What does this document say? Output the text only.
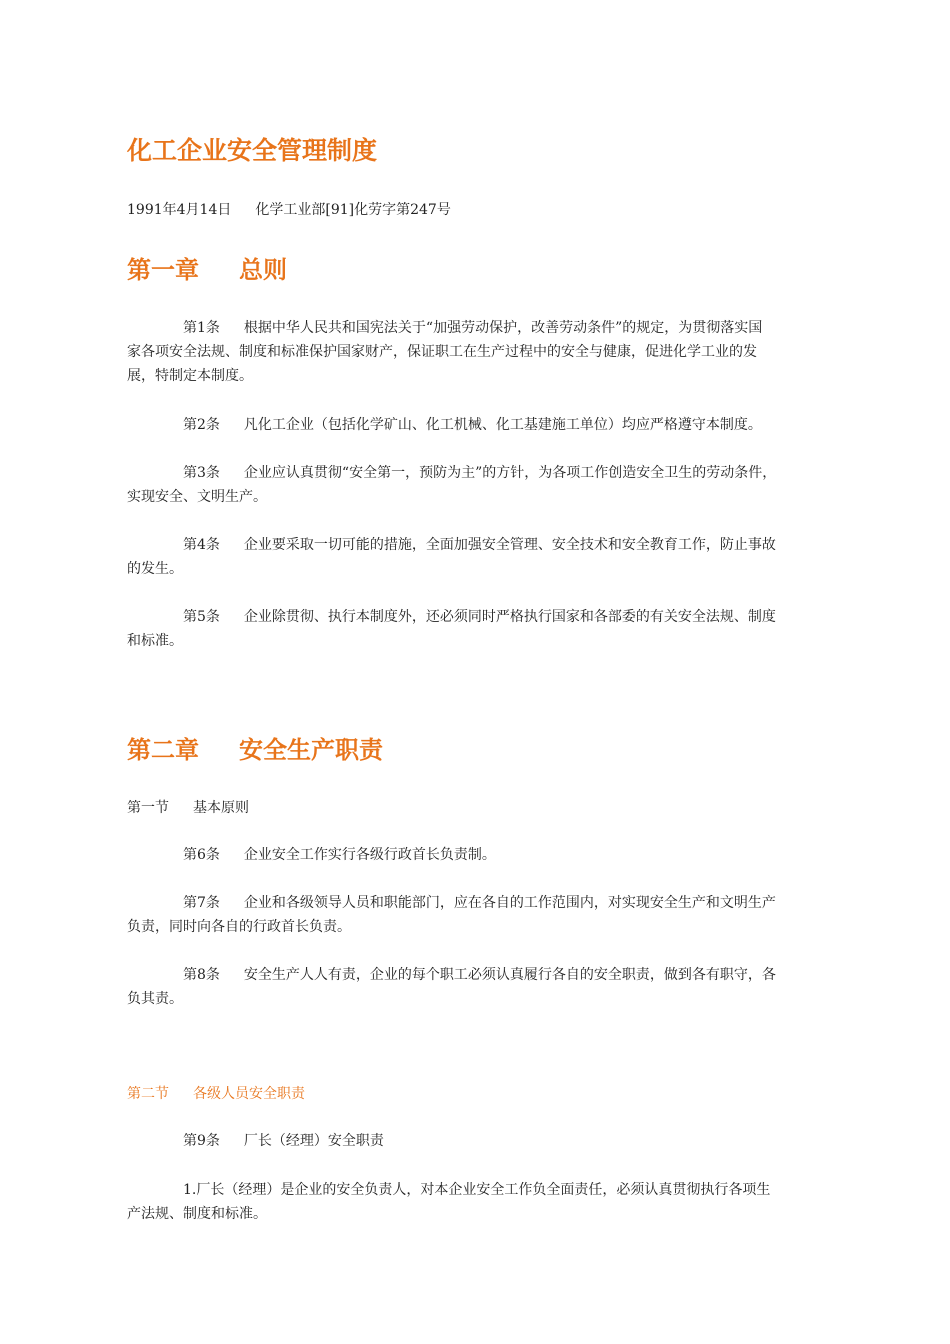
化工企业安全管理制度
1991年4月14日 化学工业部[91]化劳字第247号
第一章 总则
第1条 根据中华人民共和国宪法关于“加强劳动保护，改善劳动条件”的规定，为贯彻落实国
家各项安全法规、制度和标准保护国家财产，保证职工在生产过程中的安全与健康，促进化学工业的发
展，特制定本制度。
第2条 凡化工企业（包括化学矿山、化工机械、化工基建施工单位）均应严格遵守本制度。
第3条 企业应认真贯彻“安全第一，预防为主”的方针，为各项工作创造安全卫生的劳动条件，
实现安全、文明生产。
第4条 企业要采取一切可能的措施，全面加强安全管理、安全技术和安全教育工作，防止事故
的发生。
第5条 企业除贯彻、执行本制度外，还必须同时严格执行国家和各部委的有关安全法规、制度
和标准。
第二章 安全生产职责
第一节 基本原则
第6条 企业安全工作实行各级行政首长负责制。
第7条 企业和各级领导人员和职能部门，应在各自的工作范围内，对实现安全生产和文明生产
负责，同时向各自的行政首长负责。
第8条 安全生产人人有责，企业的每个职工必须认真履行各自的安全职责，做到各有职守，各
负其责。
第二节 各级人员安全职责
第9条 厂长（经理）安全职责
1.厂长（经理）是企业的安全负责人，对本企业安全工作负全面责任，必须认真贯彻执行各项生
产法规、制度和标准。
